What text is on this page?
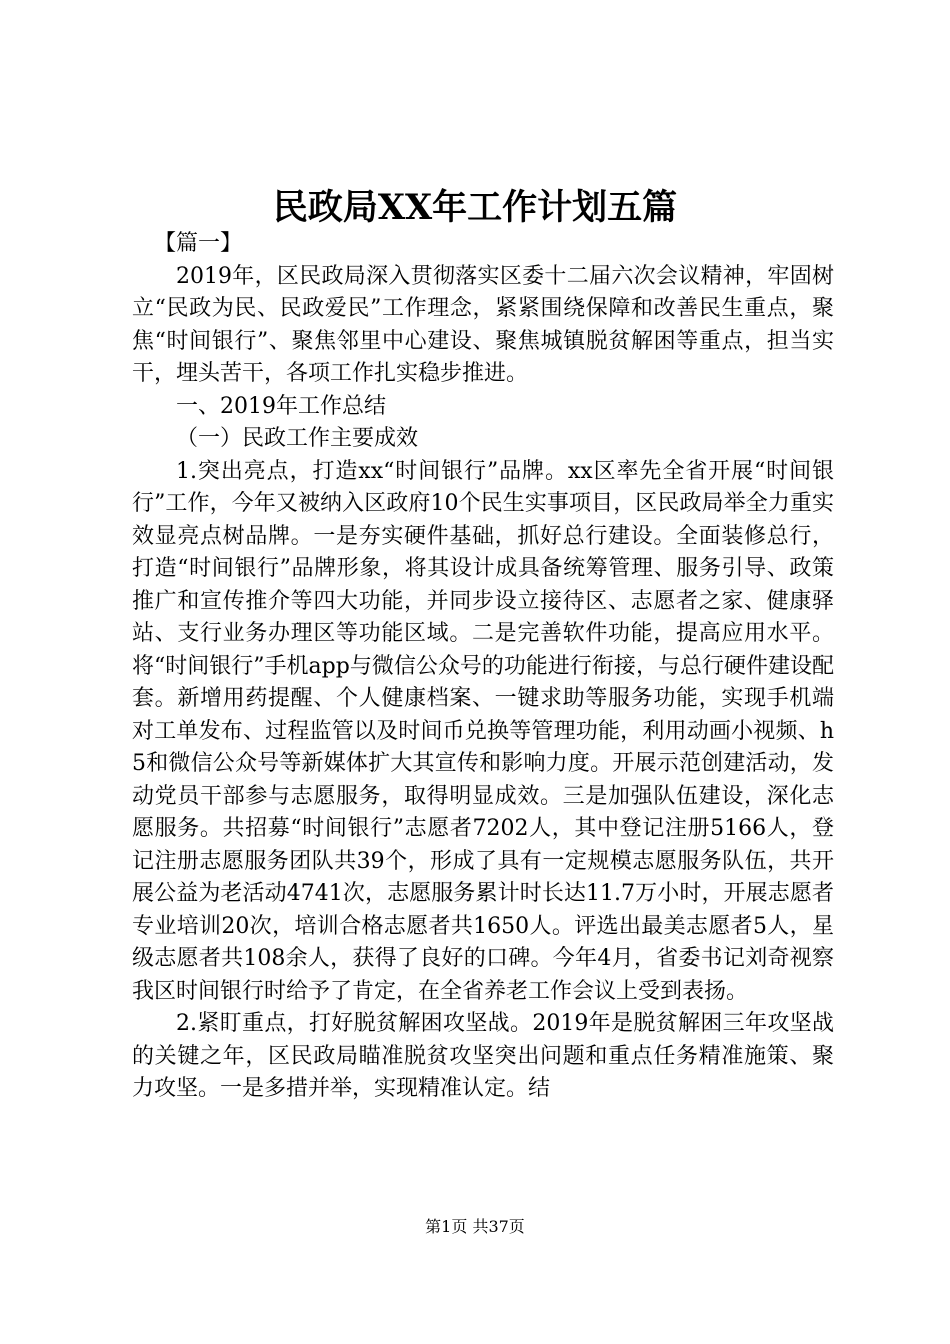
民政局XX年工作计划五篇

【篇一】

2019年，区民政局深入贯彻落实区委十二届六次会议精神，牢固树立“民政为民、民政爱民”工作理念，紧紧围绕保障和改善民生重点，聚焦“时间银行”、聚焦邻里中心建设、聚焦城镇脱贫解困等重点，担当实干，埋头苦干，各项工作扎实稳步推进。

一、2019年工作总结

（一）民政工作主要成效

1.突出亮点，打造xx“时间银行”品牌。xx区率先全省开展“时间银行”工作，今年又被纳入区政府10个民生实事项目，区民政局举全力重实效显亮点树品牌。一是夯实硬件基础，抓好总行建设。全面装修总行，打造“时间银行”品牌形象，将其设计成具备统筹管理、服务引导、政策推广和宣传推介等四大功能，并同步设立接待区、志愿者之家、健康驿站、支行业务办理区等功能区域。二是完善软件功能，提高应用水平。将“时间银行”手机app与微信公众号的功能进行衔接，与总行硬件建设配套。新增用药提醒、个人健康档案、一键求助等服务功能，实现手机端对工单发布、过程监管以及时间币兑换等管理功能，利用动画小视频、h5和微信公众号等新媒体扩大其宣传和影响力度。开展示范创建活动，发动党员干部参与志愿服务，取得明显成效。三是加强队伍建设，深化志愿服务。共招募“时间银行”志愿者7202人，其中登记注册5166人，登记注册志愿服务团队共39个，形成了具有一定规模志愿服务队伍，共开展公益为老活动4741次，志愿服务累计时长达11.7万小时，开展志愿者专业培训20次，培训合格志愿者共1650人。评选出最美志愿者5人，星级志愿者共108余人，获得了良好的口碑。今年4月，省委书记刘奇视察我区时间银行时给予了肯定，在全省养老工作会议上受到表扬。

2.紧盯重点，打好脱贫解困攻坚战。2019年是脱贫解困三年攻坚战的关键之年，区民政局瞄准脱贫攻坚突出问题和重点任务精准施策、聚力攻坚。一是多措并举，实现精准认定。结

第1页 共37页
